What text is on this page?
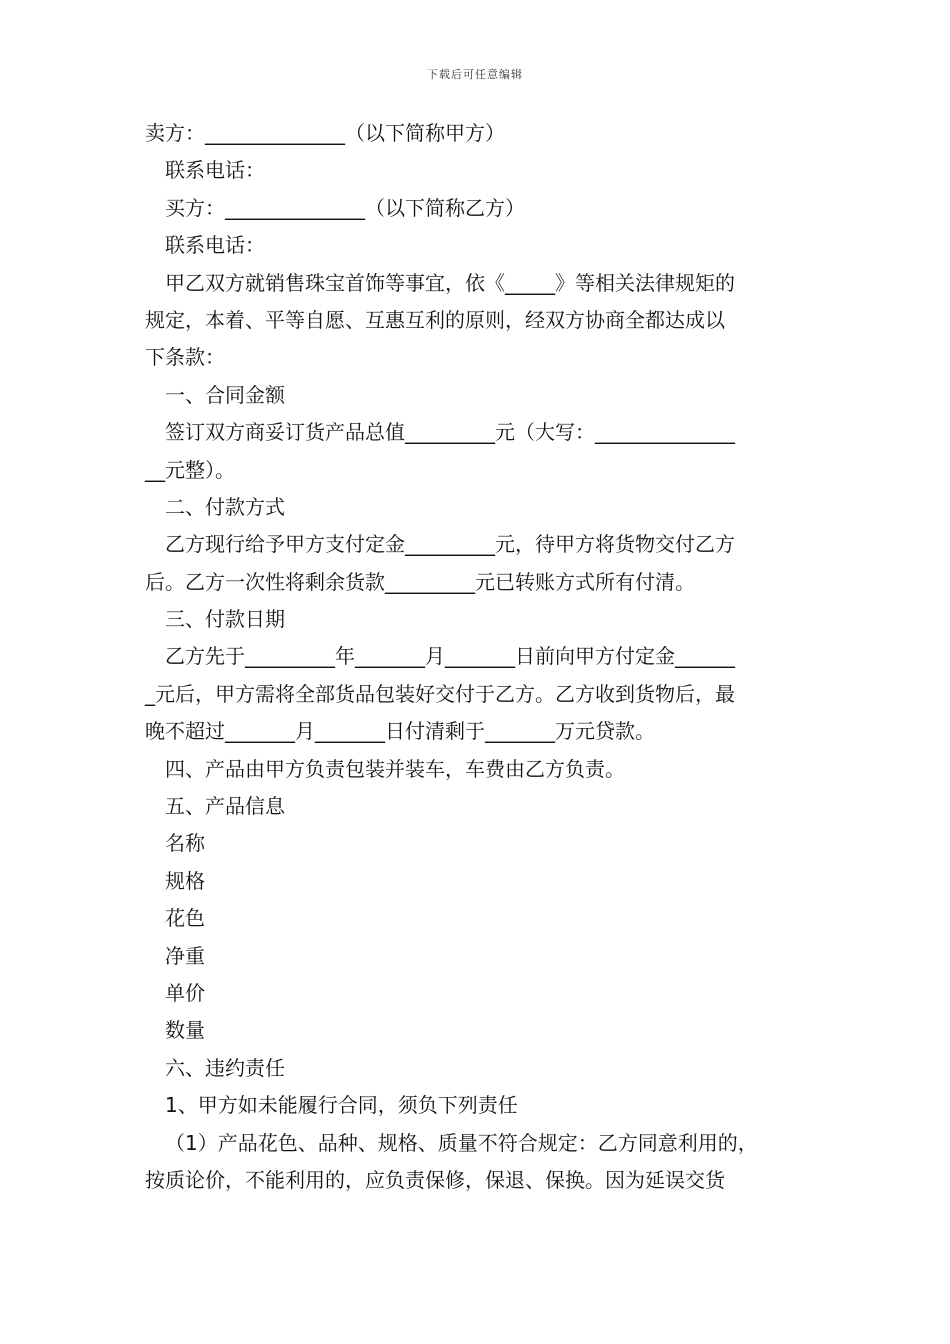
下载后可任意编辑
卖方：______________（以下简称甲方）
联系电话：
买方：______________（以下简称乙方）
联系电话：
甲乙双方就销售珠宝首饰等事宜，依《_____》等相关法律规矩的
规定，本着、平等自愿、互惠互利的原则，经双方协商全都达成以
下条款：
一、合同金额
签订双方商妥订货产品总值_________元（大写：______________
__元整）。
二、付款方式
乙方现行给予甲方支付定金_________元，待甲方将货物交付乙方
后。乙方一次性将剩余货款_________元已转账方式所有付清。
三、付款日期
乙方先于_________年_______月_______日前向甲方付定金______
_元后，甲方需将全部货品包装好交付于乙方。乙方收到货物后，最
晚不超过_______月_______日付清剩于_______万元贷款。
四、产品由甲方负责包装并装车，车费由乙方负责。
五、产品信息
名称
规格
花色
净重
单价
数量
六、违约责任
1、甲方如未能履行合同，须负下列责任
（1）产品花色、品种、规格、质量不符合规定：乙方同意利用的，
按质论价，不能利用的，应负责保修，保退、保换。因为延误交货
